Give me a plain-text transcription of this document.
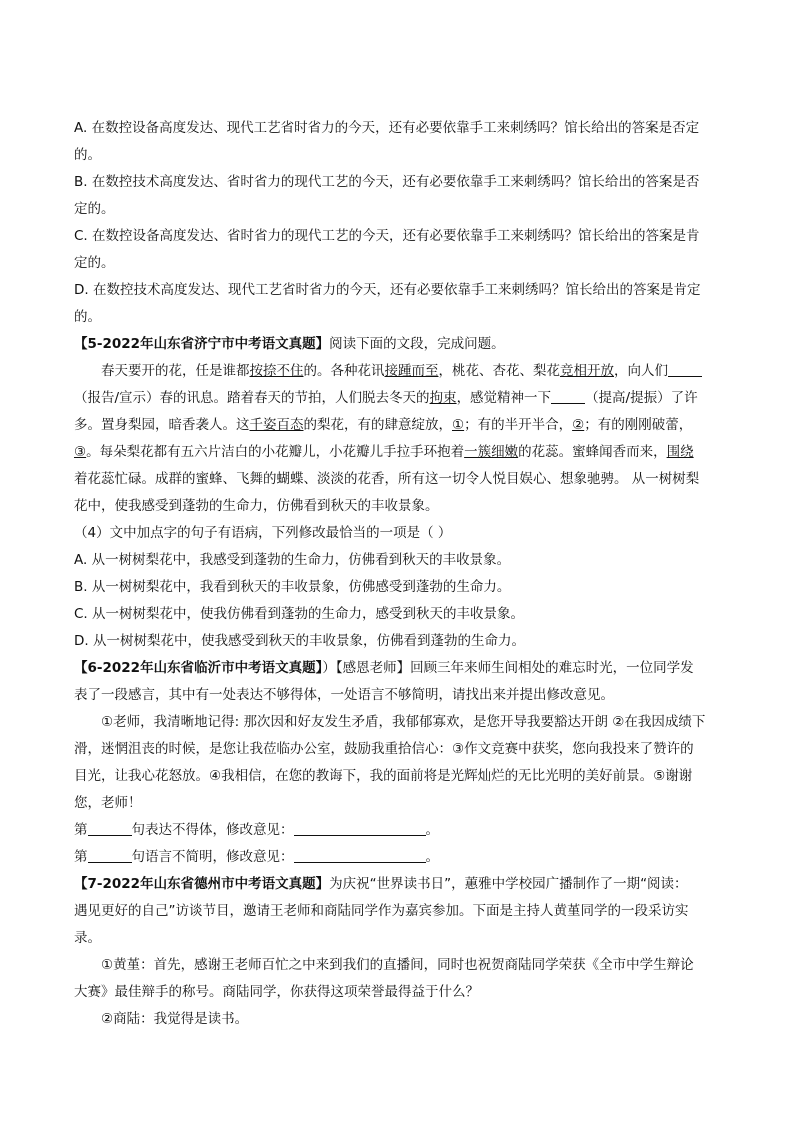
A. 在数控设备高度发达、现代工艺省时省力的今天，还有必要依靠手工来刺绣吗？馆长给出的答案是否定
的。
B. 在数控技术高度发达、省时省力的现代工艺的今天，还有必要依靠手工来刺绣吗？馆长给出的答案是否
定的。
C. 在数控设备高度发达、省时省力的现代工艺的今天，还有必要依靠手工来刺绣吗？馆长给出的答案是肯
定的。
D. 在数控技术高度发达、现代工艺省时省力的今天，还有必要依靠手工来刺绣吗？馆长给出的答案是肯定
的。
【5-2022年山东省济宁市中考语文真题】阅读下面的文段，完成问题。
春天要开的花，任是谁都按捺不住的。各种花讯接踵而至，桃花、杏花、梨花竞相开放，向人们
（报告/宣示）春的讯息。踏着春天的节拍，人们脱去冬天的拘束，感觉精神一下	（提高/提振）了许
多。置身梨园，暗香袭人。这千姿百态的梨花，有的肆意绽放，①；有的半开半合，②；有的刚刚破蕾，
③。每朵梨花都有五六片洁白的小花瓣儿，小花瓣儿手拉手环抱着一簇细嫩的花蕊。蜜蜂闻香而来，围绕
着花蕊忙碌。成群的蜜蜂、飞舞的蝴蝶、淡淡的花香，所有这一切令人悦目娱心、想象驰骋。 从一树树梨
花中，使我感受到蓬勃的生命力，仿佛看到秋天的丰收景象。
（4）文中加点字的句子有语病，下列修改最恰当的一项是（ ）
A. 从一树树梨花中，我感受到蓬勃的生命力，仿佛看到秋天的丰收景象。
B. 从一树树梨花中，我看到秋天的丰收景象，仿佛感受到蓬勃的生命力。
C. 从一树树梨花中，使我仿佛看到蓬勃的生命力，感受到秋天的丰收景象。
D. 从一树树梨花中，使我感受到秋天的丰收景象，仿佛看到蓬勃的生命力。
【6-2022年山东省临沂市中考语文真题】）【感恩老师】回顾三年来师生间相处的难忘时光，一位同学发
表了一段感言，其中有一处表达不够得体，一处语言不够简明，请找出来并提出修改意见。
①老师，我清晰地记得: 那次因和好友发生矛盾，我郁郁寡欢，是您开导我要豁达开朗 ②在我因成绩下
滑，迷惘沮丧的时候，是您让我莅临办公室，鼓励我重拾信心：③作文竞赛中获奖，您向我投来了赞许的
目光，让我心花怒放。④我相信，在您的教诲下，我的面前将是光辉灿烂的无比光明的美好前景。⑤谢谢
您，老师！
第	句表达不得体，修改意见：	。
第	句语言不简明，修改意见：	。
【7-2022年山东省德州市中考语文真题】为庆祝“世界读书日”，蕙雅中学校园广播制作了一期“阅读：
遇见更好的自己”访谈节目，邀请王老师和商陆同学作为嘉宾参加。下面是主持人黄堇同学的一段采访实
录。
①黄堇：首先，感谢王老师百忙之中来到我们的直播间，同时也祝贺商陆同学荣获《全市中学生辩论
大赛》最佳辩手的称号。商陆同学，你获得这项荣誉最得益于什么？
②商陆：我觉得是读书。
